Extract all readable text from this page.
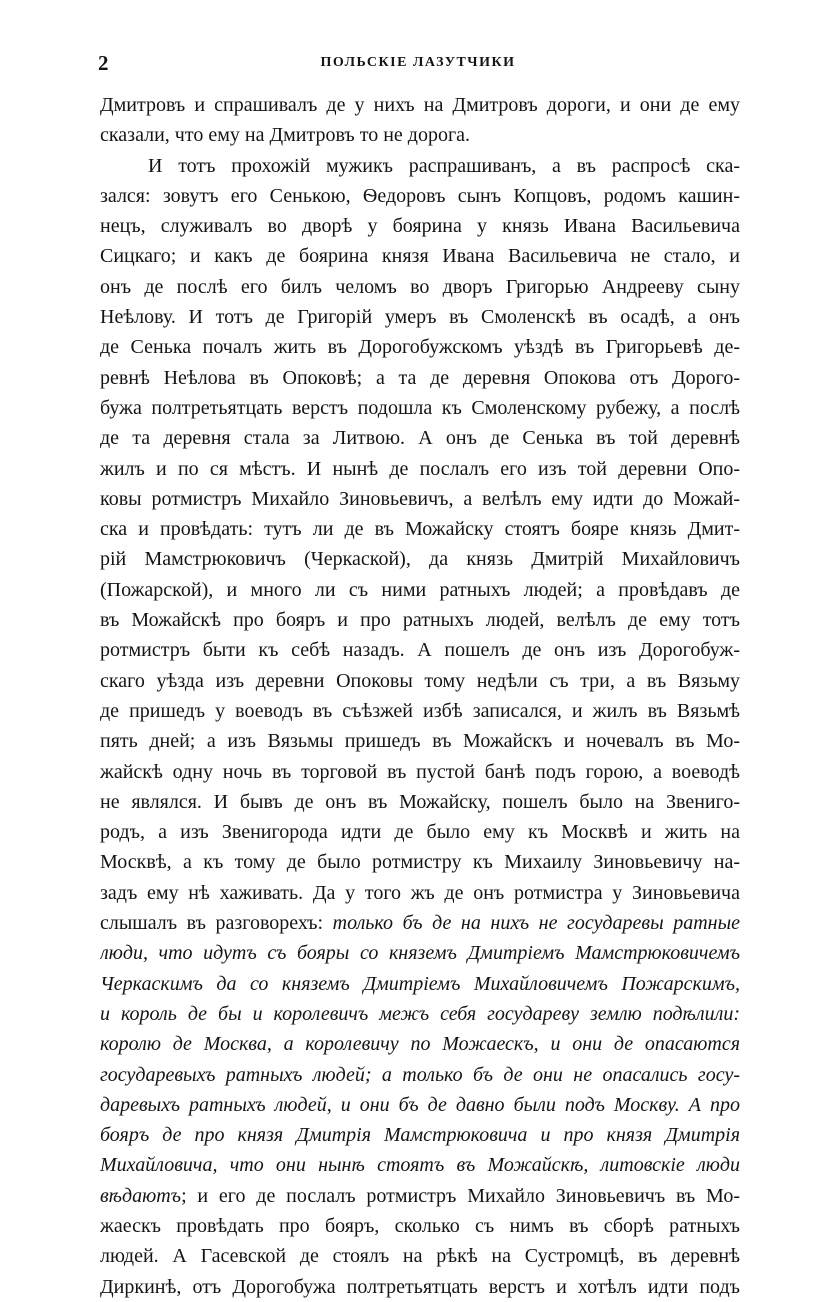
2	ПОЛЬСКІЕ ЛАЗУТЧИКИ
Дмитровъ и спрашивалъ де у нихъ на Дмитровъ дороги, и они де ему
сказали, что ему на Дмитровъ то не дорога.
И тотъ прохожій мужикъ распрашиванъ, а въ распросѣ ска-
зался: зовутъ его Сенькою, Ѳедоровъ сынъ Копцовъ, родомъ кашин-
нецъ, служивалъ во дворѣ у боярина у князь Ивана Васильевича
Сицкаго; и какъ де боярина князя Ивана Васильевича не стало, и
онъ де послѣ его билъ челомъ во дворъ Григорью Андрееву сыну
Неѣлову. И тотъ де Григорій умеръ въ Смоленскѣ въ осадѣ, а онъ
де Сенька почалъ жить въ Дорогобужскомъ уѣздѣ въ Григорьевѣ де-
ревнѣ Неѣлова въ Опоковѣ; а та де деревня Опокова отъ Дорого-
бужа полтретьятцать верстъ подошла къ Смоленскому рубежу, а послѣ
де та деревня стала за Литвою. А онъ де Сенька въ той деревнѣ
жилъ и по ся мѣстъ. И нынѣ де послалъ его изъ той деревни Опо-
ковы ротмистръ Михайло Зиновьевичъ, а велѣлъ ему идти до Можай-
ска и провѣдать: тутъ ли де въ Можайску стоятъ бояре князь Дмит-
рій Мамстрюковичъ (Черкаской), да князь Дмитрій Михайловичъ
(Пожарской), и много ли съ ними ратныхъ людей; а провѣдавъ де
въ Можайскѣ про бояръ и про ратныхъ людей, велѣлъ де ему тотъ
ротмистръ быти къ себѣ назадъ. А пошелъ де онъ изъ Дорогобуж-
скаго уѣзда изъ деревни Опоковы тому недѣли съ три, а въ Вязьму
де пришедъ у воеводъ въ съѣзжей избѣ записался, и жилъ въ Вязьмѣ
пять дней; а изъ Вязьмы пришедъ въ Можайскъ и ночевалъ въ Мо-
жайскѣ одну ночь въ торговой въ пустой банѣ подъ горою, а воеводѣ
не являлся. И бывъ де онъ въ Можайску, пошелъ было на Звениго-
родъ, а изъ Звенигорода идти де было ему къ Москвѣ и жить на
Москвѣ, а къ тому де было ротмистру къ Михаилу Зиновьевичу на-
задъ ему нѣ хаживать. Да у того жъ де онъ ротмистра у Зиновьевича
слышалъ въ разговорехъ: только бъ де на нихъ не государевы ратные
люди, что идутъ съ бояры со княземъ Дмитріемъ Мамстрюковичемъ
Черкаскимъ да со княземъ Дмитріемъ Михайловичемъ Пожарскимъ,
и король де бы и королевичъ межъ себя государеву землю подѣлили:
королю де Москва, а королевичу по Можаескъ, и они де опасаются
государевыхъ ратныхъ людей; а только бъ де они не опасались госу-
даревыхъ ратныхъ людей, и они бъ де давно были подъ Москву. А про
бояръ де про князя Дмитрія Мамстрюковича и про князя Дмитрія
Михайловича, что они нынѣ стоятъ въ Можайскѣ, литовскіе люди
вѣдаютъ; и его де послалъ ротмистръ Михайло Зиновьевичъ въ Мо-
жаескъ провѣдать про бояръ, сколько съ нимъ въ сборѣ ратныхъ
людей. А Гасевской де стоялъ на рѣкѣ на Сустромцѣ, въ деревнѣ
Диркинѣ, отъ Дорогобужа полтретьятцать верстъ и хотѣлъ идти подъ
